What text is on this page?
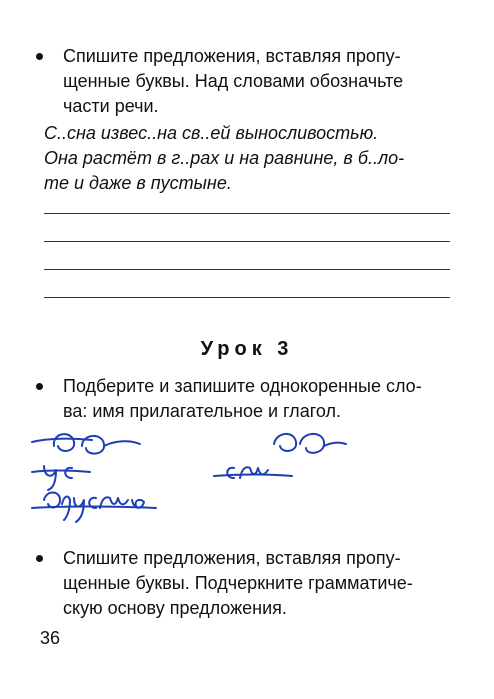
Спишите предложения, вставляя пропу-

щенные буквы. Над словами обозначьте

части речи.

С..сна извес..на св..ей выносливостью.

Она растёт в г..рах и на равнине, в б..ло-

те и даже в пустыне.

Урок 3

Подберите и запишите однокоренные сло-

ва: имя прилагательное и глагол.

Спишите предложения, вставляя пропу-

щенные буквы. Подчеркните грамматиче-

скую основу предложения.

36
